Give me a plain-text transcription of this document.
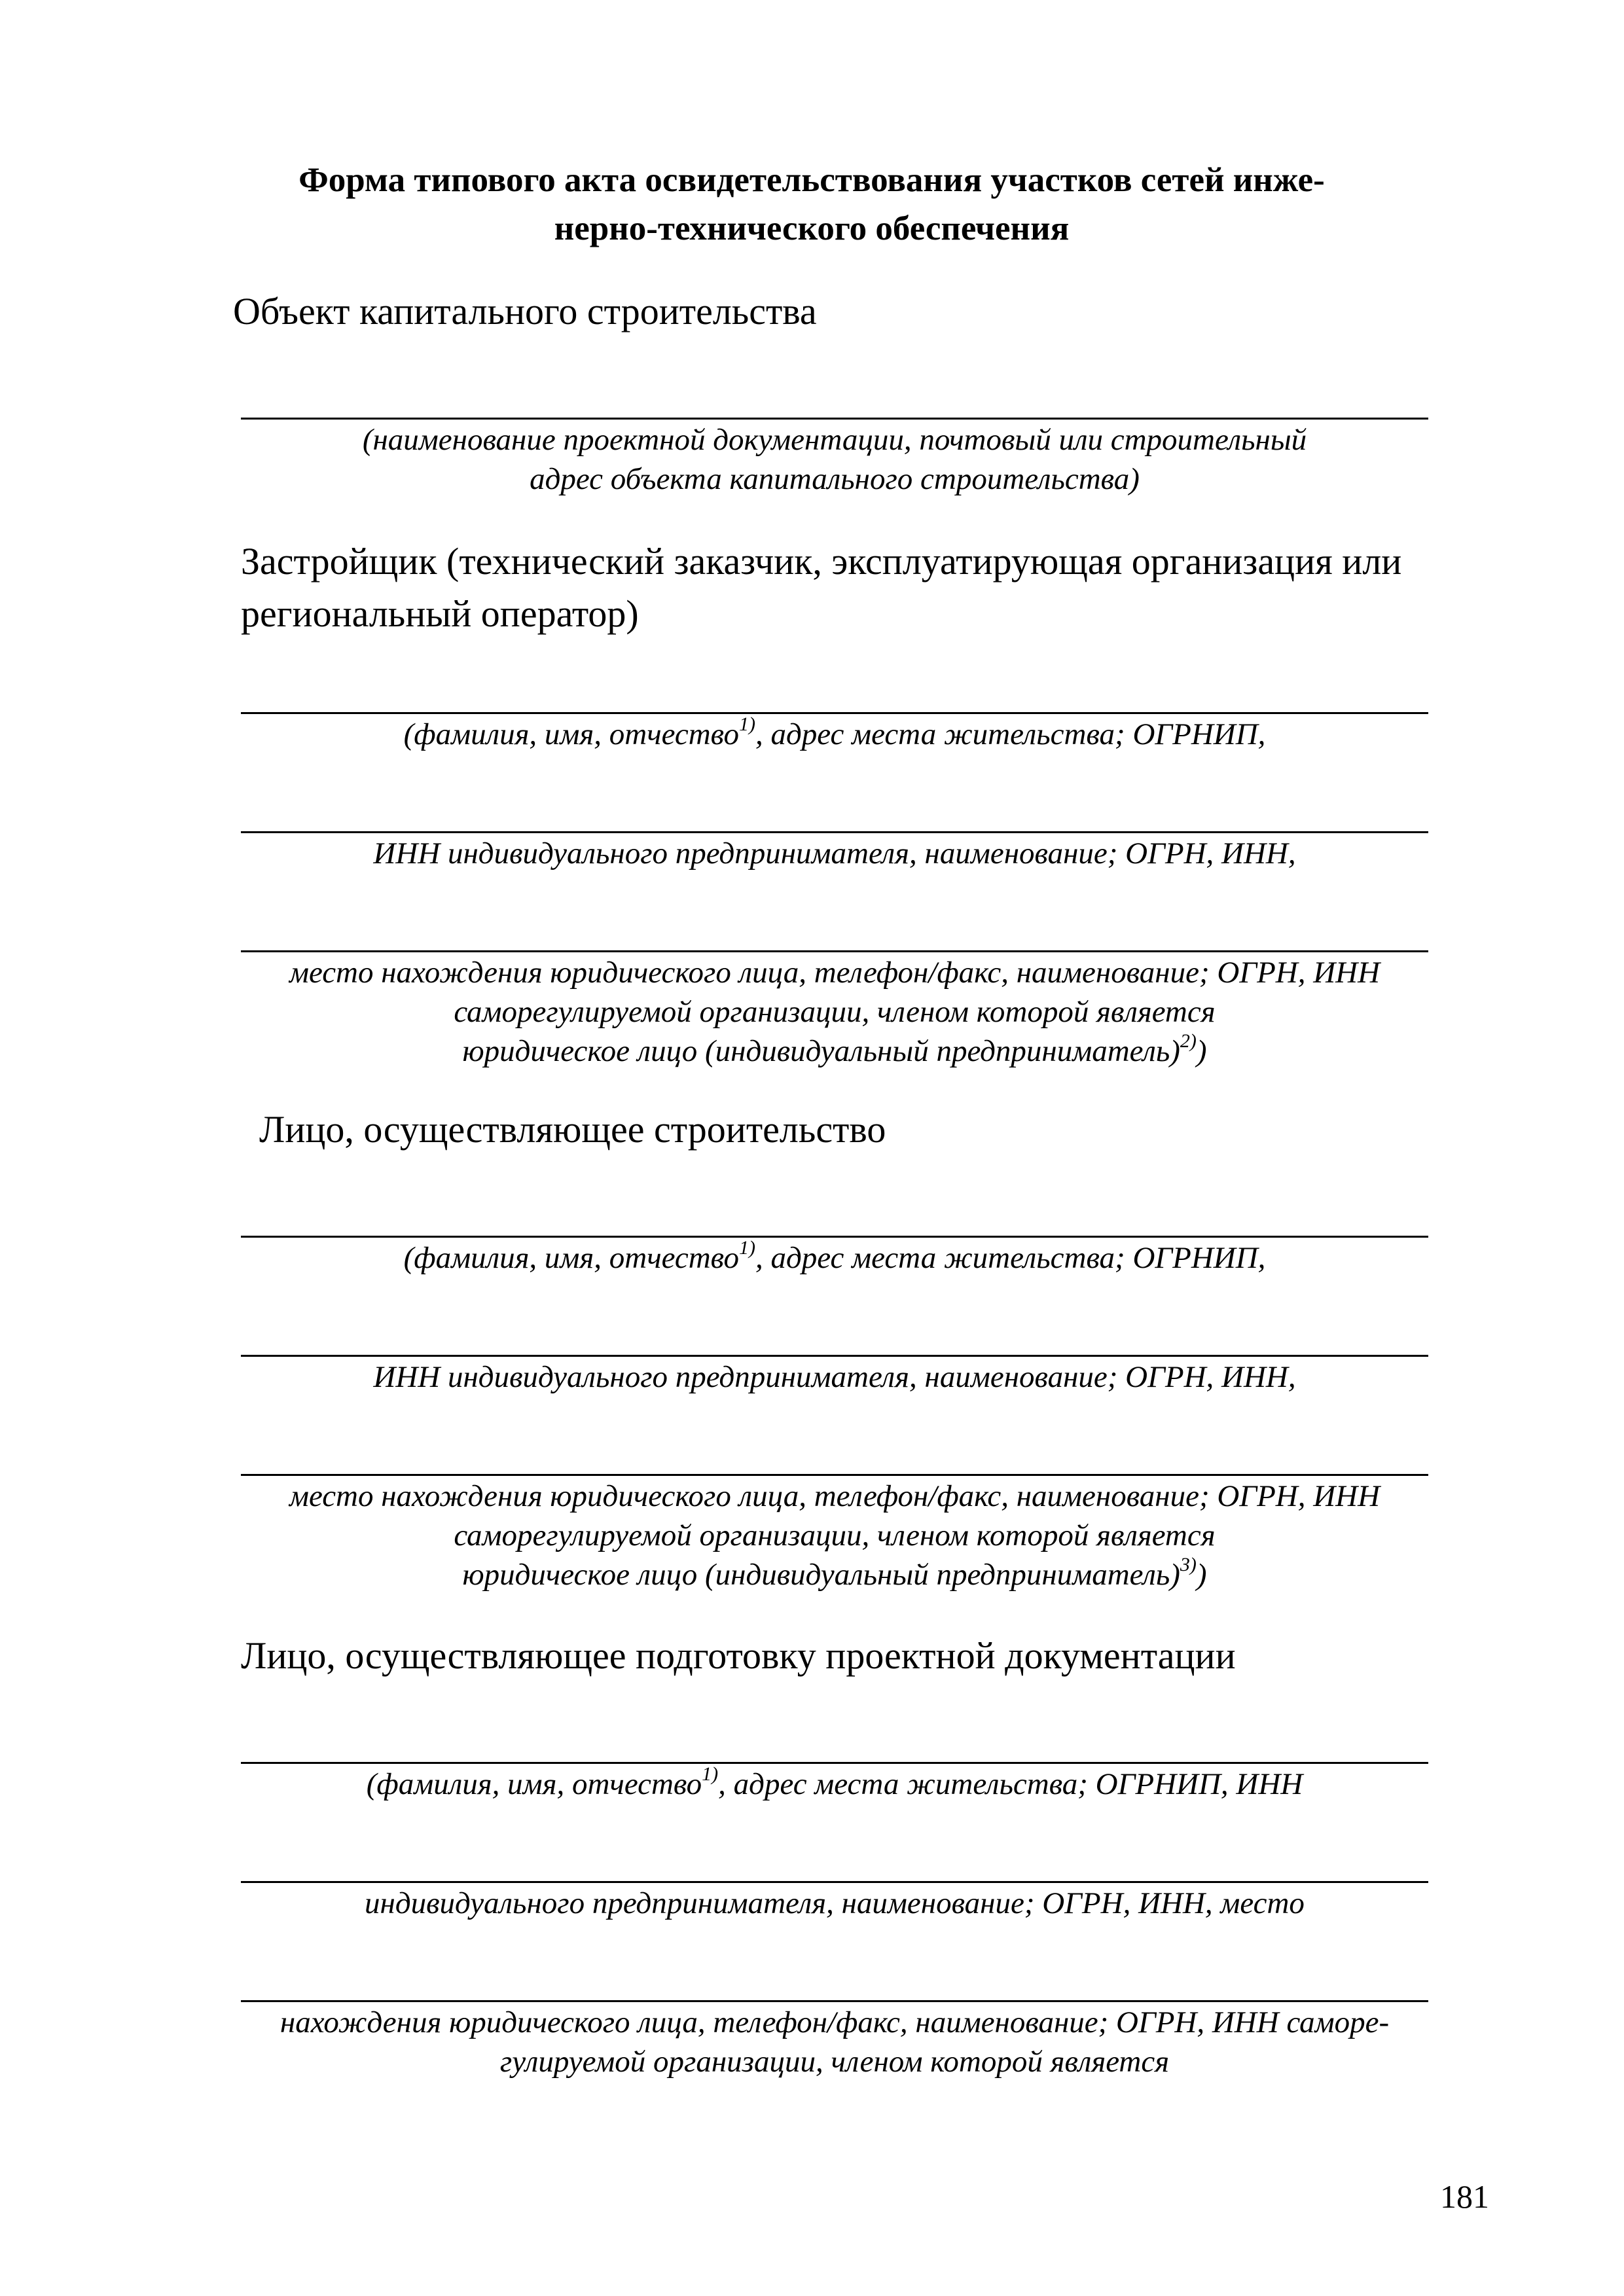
Форма типового акта освидетельствования участков сетей инже-
нерно-технического обеспечения
Объект капитального строительства
(наименование проектной документации, почтовый или строительный
адрес объекта капитального строительства)
Застройщик (технический заказчик, эксплуатирующая организация или
региональный оператор)
(фамилия, имя, отчество$^{1)}$, адрес места жительства; ОГРНИП,
ИНН индивидуального предпринимателя, наименование; ОГРН, ИНН,
место нахождения юридического лица, телефон/факс, наименование; ОГРН, ИНН
саморегулируемой организации, членом которой является
юридическое лицо (индивидуальный предприниматель)$^{2)}$)
Лицо, осуществляющее строительство
(фамилия, имя, отчество$^{1)}$, адрес места жительства; ОГРНИП,
ИНН индивидуального предпринимателя, наименование; ОГРН, ИНН,
место нахождения юридического лица, телефон/факс, наименование; ОГРН, ИНН
саморегулируемой организации, членом которой является
юридическое лицо (индивидуальный предприниматель)$^{3)}$)
Лицо, осуществляющее подготовку проектной документации
(фамилия, имя, отчество$^{1)}$, адрес места жительства; ОГРНИП, ИНН
индивидуального предпринимателя, наименование; ОГРН, ИНН, место
нахождения юридического лица, телефон/факс, наименование; ОГРН, ИНН саморе-
гулируемой организации, членом которой является
181
